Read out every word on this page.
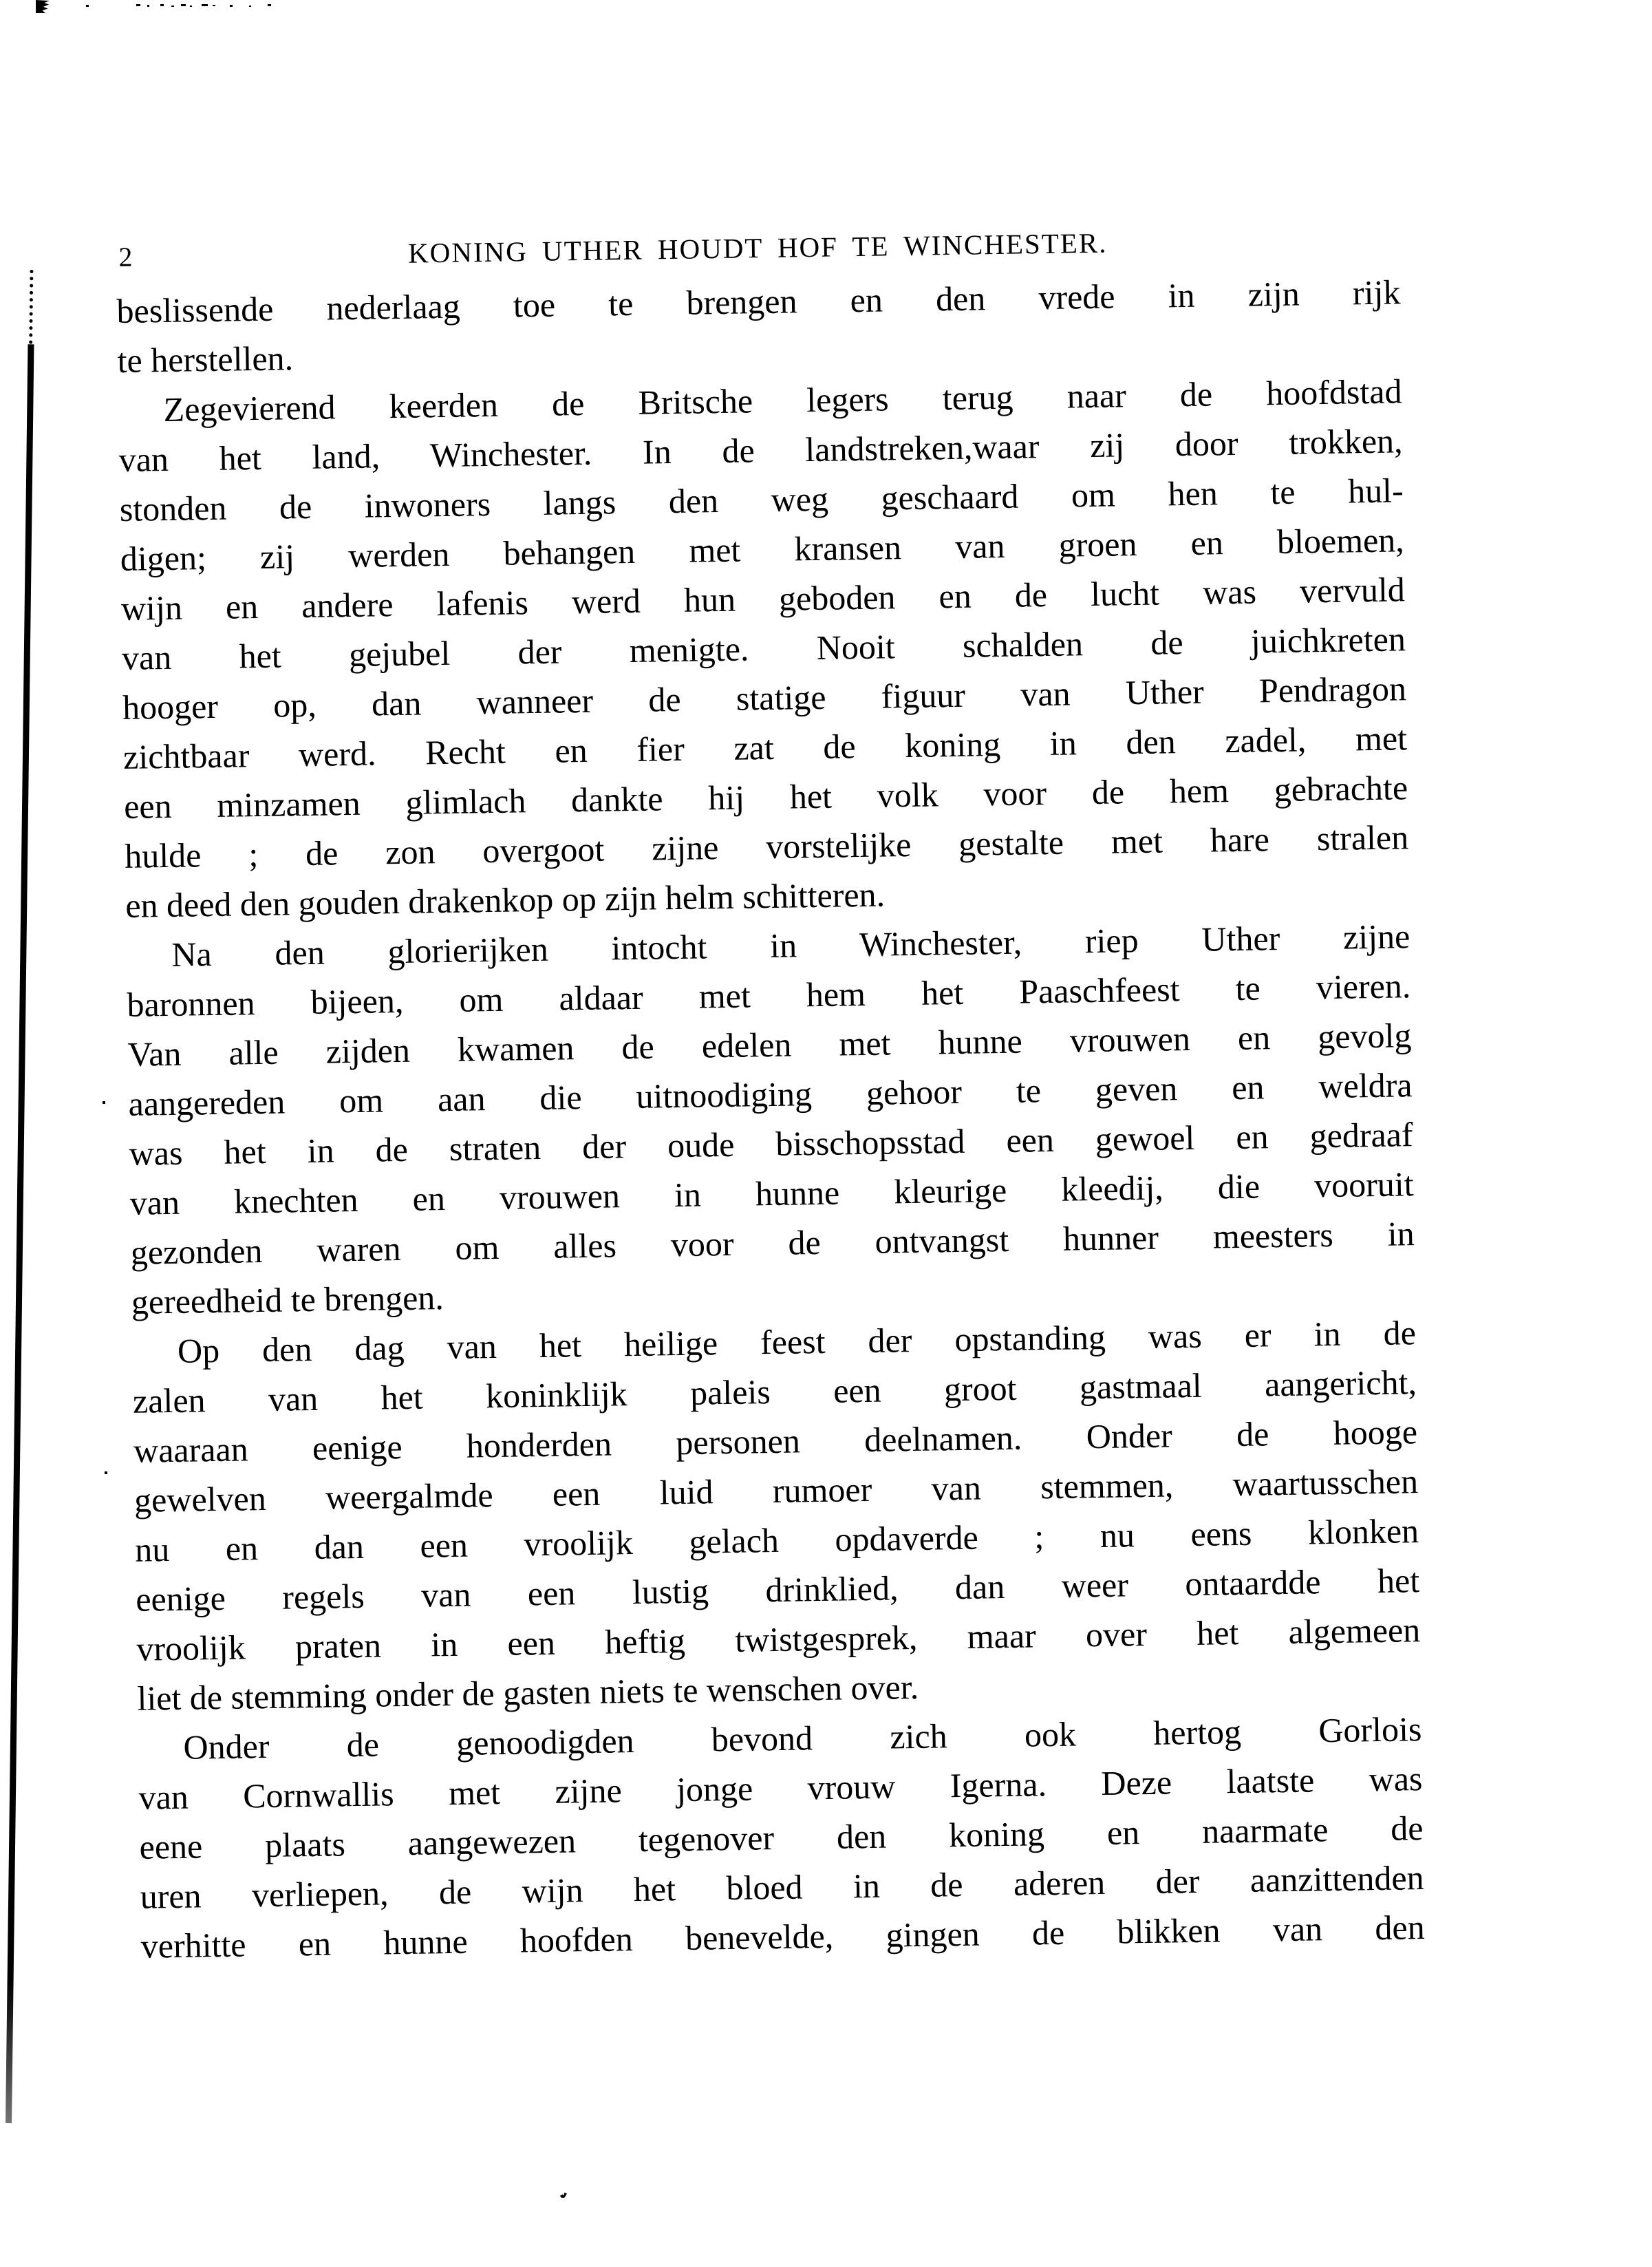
2	KONING UTHER HOUDT HOF TE WINCHESTER.
beslissende nederlaag toe te brengen en den vrede in zijn rijk
te herstellen.
Zegevierend keerden de Britsche legers terug naar de hoofdstad
van het land, Winchester. In de landstreken,waar zij door trokken,
stonden de inwoners langs den weg geschaard om hen te hul-
digen; zij werden behangen met kransen van groen en bloemen,
wijn en andere lafenis werd hun geboden en de lucht was vervuld
van het gejubel der menigte. Nooit schalden de juichkreten
hooger op, dan wanneer de statige figuur van Uther Pendragon
zichtbaar werd. Recht en fier zat de koning in den zadel, met
een minzamen glimlach dankte hij het volk voor de hem gebrachte
hulde ; de zon overgoot zijne vorstelijke gestalte met hare stralen
en deed den gouden drakenkop op zijn helm schitteren.
Na den glorierijken intocht in Winchester, riep Uther zijne
baronnen bijeen, om aldaar met hem het Paaschfeest te vieren.
Van alle zijden kwamen de edelen met hunne vrouwen en gevolg
aangereden om aan die uitnoodiging gehoor te geven en weldra
was het in de straten der oude bisschopsstad een gewoel en gedraaf
van knechten en vrouwen in hunne kleurige kleedij, die vooruit
gezonden waren om alles voor de ontvangst hunner meesters in
gereedheid te brengen.
Op den dag van het heilige feest der opstanding was er in de
zalen van het koninklijk paleis een groot gastmaal aangericht,
waaraan eenige honderden personen deelnamen. Onder de hooge
gewelven weergalmde een luid rumoer van stemmen, waartusschen
nu en dan een vroolijk gelach opdaverde ; nu eens klonken
eenige regels van een lustig drinklied, dan weer ontaardde het
vroolijk praten in een heftig twistgesprek, maar over het algemeen
liet de stemming onder de gasten niets te wenschen over.
Onder de genoodigden bevond zich ook hertog Gorlois
van Cornwallis met zijne jonge vrouw Igerna. Deze laatste was
eene plaats aangewezen tegenover den koning en naarmate de
uren verliepen, de wijn het bloed in de aderen der aanzittenden
verhitte en hunne hoofden benevelde, gingen de blikken van den
